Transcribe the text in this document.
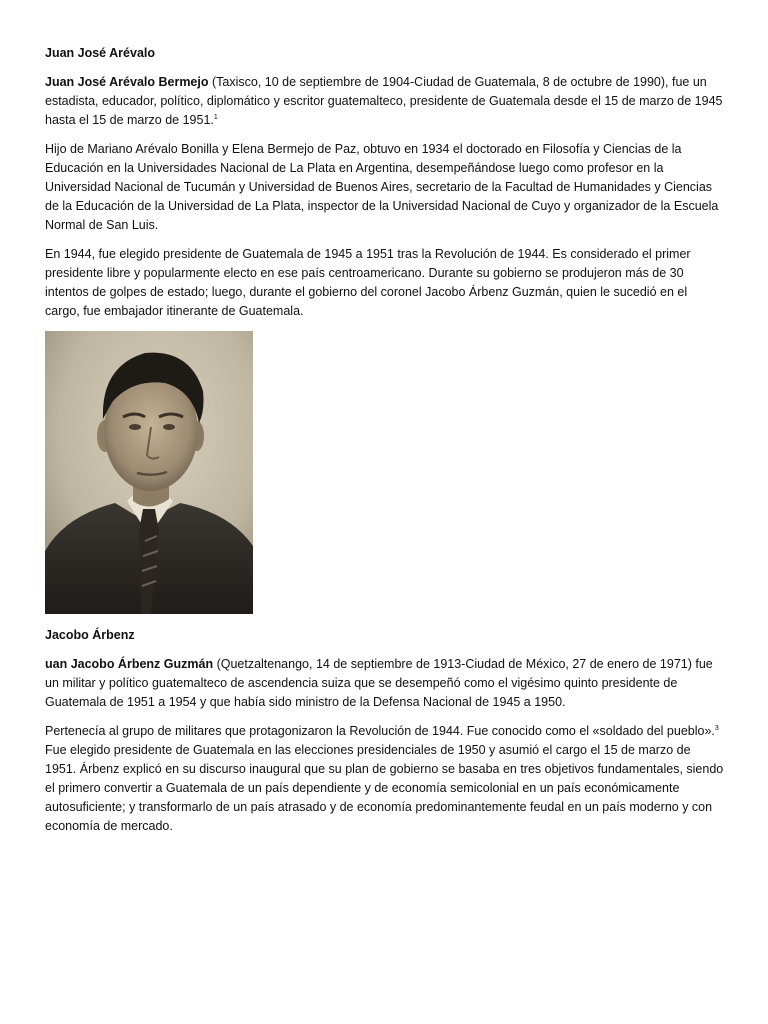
Juan José Arévalo

Juan José Arévalo Bermejo (Taxisco, 10 de septiembre de 1904-Ciudad de Guatemala, 8 de octubre de 1990), fue un estadista, educador, político, diplomático y escritor guatemalteco, presidente de Guatemala desde el 15 de marzo de 1945 hasta el 15 de marzo de 1951.$^1$

Hijo de Mariano Arévalo Bonilla y Elena Bermejo de Paz, obtuvo en 1934 el doctorado en Filosofía y Ciencias de la Educación en la Universidades Nacional de La Plata en Argentina, desempeñándose luego como profesor en la Universidad Nacional de Tucumán y Universidad de Buenos Aires, secretario de la Facultad de Humanidades y Ciencias de la Educación de la Universidad de La Plata, inspector de la Universidad Nacional de Cuyo y organizador de la Escuela Normal de San Luis.

En 1944, fue elegido presidente de Guatemala de 1945 a 1951 tras la Revolución de 1944. Es considerado el primer presidente libre y popularmente electo en ese país centroamericano. Durante su gobierno se produjeron más de 30 intentos de golpes de estado; luego, durante el gobierno del coronel Jacobo Árbenz Guzmán, quien le sucedió en el cargo, fue embajador itinerante de Guatemala.

Jacobo Árbenz

uan Jacobo Árbenz Guzmán (Quetzaltenango, 14 de septiembre de 1913-Ciudad de México, 27 de enero de 1971) fue un militar y político guatemalteco de ascendencia suiza que se desempeñó como el vigésimo quinto presidente de Guatemala de 1951 a 1954 y que había sido ministro de la Defensa Nacional de 1945 a 1950.

Pertenecía al grupo de militares que protagonizaron la Revolución de 1944. Fue conocido como el «soldado del pueblo».$^3$ Fue elegido presidente de Guatemala en las elecciones presidenciales de 1950 y asumió el cargo el 15 de marzo de 1951. Árbenz explicó en su discurso inaugural que su plan de gobierno se basaba en tres objetivos fundamentales, siendo el primero convertir a Guatemala de un país dependiente y de economía semicolonial en un país económicamente autosuficiente; y transformarlo de un país atrasado y de economía predominantemente feudal en un país moderno y con economía de mercado.
